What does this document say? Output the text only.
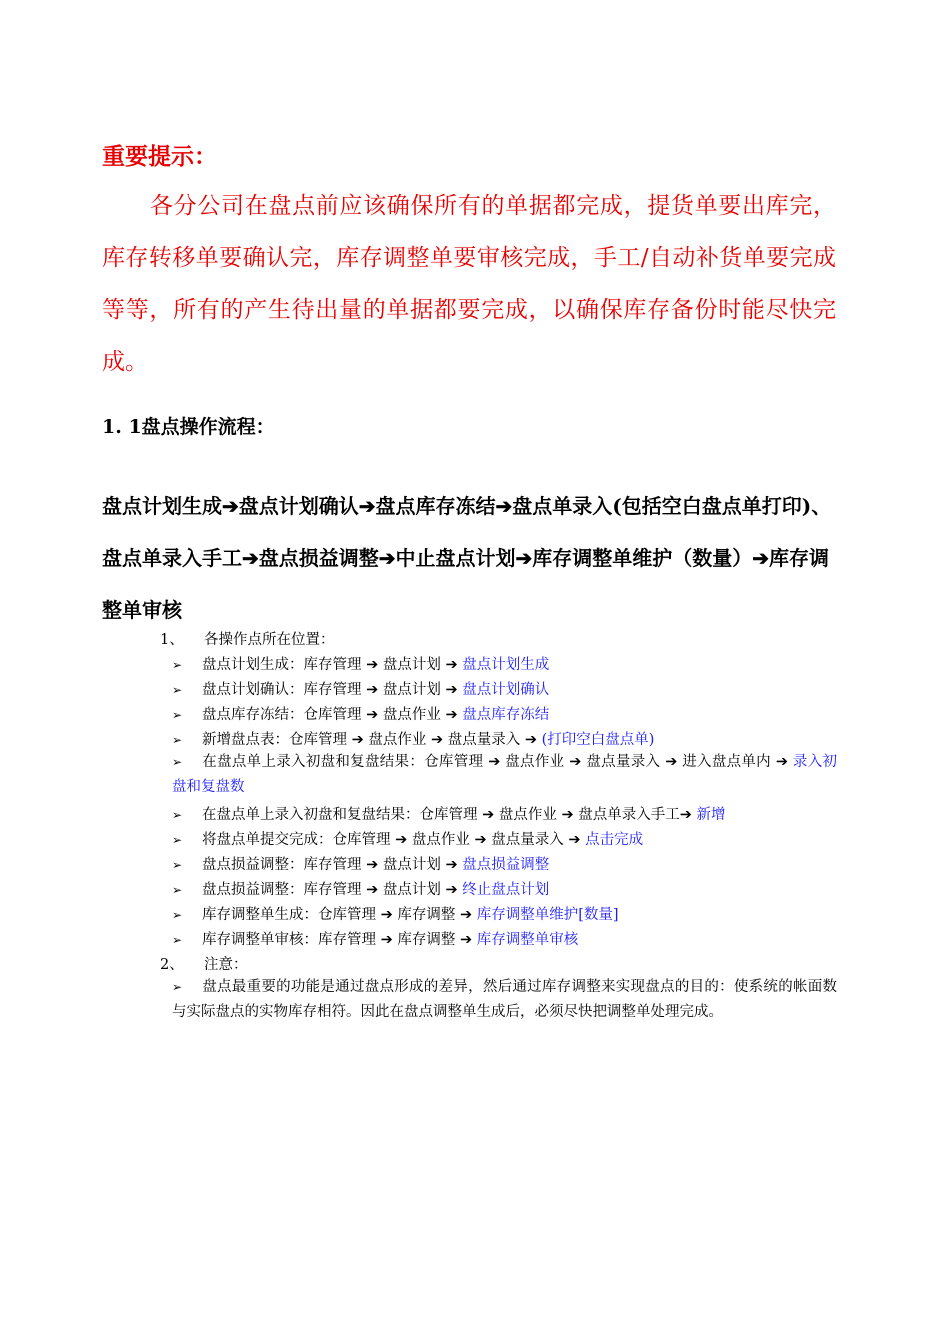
重要提示：
各分公司在盘点前应该确保所有的单据都完成，提货单要出库完，库存转移单要确认完，库存调整单要审核完成，手工/自动补货单要完成等等，所有的产生待出量的单据都要完成，以确保库存备份时能尽快完成。
1. 1盘点操作流程：
盘点计划生成➔盘点计划确认➔盘点库存冻结➔盘点单录入(包括空白盘点单打印)、盘点单录入手工➔盘点损益调整➔中止盘点计划➔库存调整单维护（数量）➔库存调整单审核
1、 各操作点所在位置：
➢ 盘点计划生成：库存管理 ➔ 盘点计划 ➔ 盘点计划生成
➢ 盘点计划确认：库存管理 ➔ 盘点计划 ➔ 盘点计划确认
➢ 盘点库存冻结：仓库管理 ➔ 盘点作业 ➔ 盘点库存冻结
➢ 新增盘点表：仓库管理 ➔ 盘点作业 ➔ 盘点量录入 ➔ (打印空白盘点单)
➢ 在盘点单上录入初盘和复盘结果：仓库管理 ➔ 盘点作业 ➔ 盘点量录入 ➔ 进入盘点单内 ➔ 录入初盘和复盘数
➢ 在盘点单上录入初盘和复盘结果：仓库管理 ➔ 盘点作业 ➔ 盘点单录入手工➔ 新增
➢ 将盘点单提交完成：仓库管理 ➔ 盘点作业 ➔ 盘点量录入 ➔ 点击完成
➢ 盘点损益调整：库存管理 ➔ 盘点计划 ➔ 盘点损益调整
➢ 盘点损益调整：库存管理 ➔ 盘点计划 ➔ 终止盘点计划
➢ 库存调整单生成：仓库管理 ➔ 库存调整 ➔ 库存调整单维护[数量]
➢ 库存调整单审核：库存管理 ➔ 库存调整 ➔ 库存调整单审核
2、 注意：
➢ 盘点最重要的功能是通过盘点形成的差异，然后通过库存调整来实现盘点的目的：使系统的帐面数与实际盘点的实物库存相符。因此在盘点调整单生成后，必须尽快把调整单处理完成。
